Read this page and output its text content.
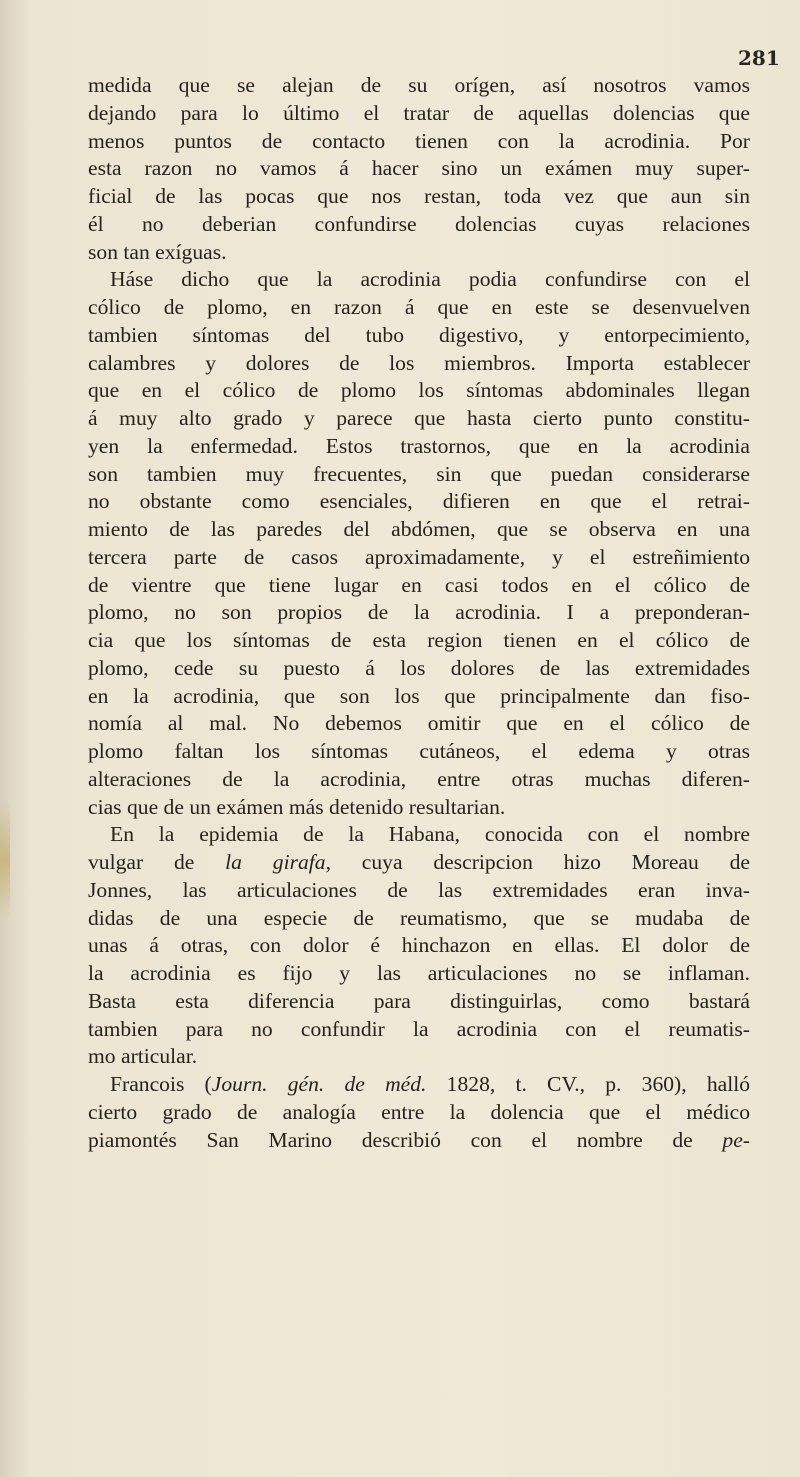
281
medida que se alejan de su orígen, así nosotros vamos
dejando para lo último el tratar de aquellas dolencias que
menos puntos de contacto tienen con la acrodinia. Por
esta razon no vamos á hacer sino un exámen muy super-
ficial de las pocas que nos restan, toda vez que aun sin
él no deberian confundirse dolencias cuyas relaciones
son tan exíguas.
Háse dicho que la acrodinia podia confundirse con el
cólico de plomo, en razon á que en este se desenvuelven
tambien síntomas del tubo digestivo, y entorpecimiento,
calambres y dolores de los miembros. Importa establecer
que en el cólico de plomo los síntomas abdominales llegan
á muy alto grado y parece que hasta cierto punto constitu-
yen la enfermedad. Estos trastornos, que en la acrodinia
son tambien muy frecuentes, sin que puedan considerarse
no obstante como esenciales, difieren en que el retrai-
miento de las paredes del abdómen, que se observa en una
tercera parte de casos aproximadamente, y el estreñimiento
de vientre que tiene lugar en casi todos en el cólico de
plomo, no son propios de la acrodinia. I a preponderan-
cia que los síntomas de esta region tienen en el cólico de
plomo, cede su puesto á los dolores de las extremidades
en la acrodinia, que son los que principalmente dan fiso-
nomía al mal. No debemos omitir que en el cólico de
plomo faltan los síntomas cutáneos, el edema y otras
alteraciones de la acrodinia, entre otras muchas diferen-
cias que de un exámen más detenido resultarian.
En la epidemia de la Habana, conocida con el nombre
vulgar de la girafa, cuya descripcion hizo Moreau de
Jonnes, las articulaciones de las extremidades eran inva-
didas de una especie de reumatismo, que se mudaba de
unas á otras, con dolor é hinchazon en ellas. El dolor de
la acrodinia es fijo y las articulaciones no se inflaman.
Basta esta diferencia para distinguirlas, como bastará
tambien para no confundir la acrodinia con el reumatis-
mo articular.
Francois (Journ. gén. de méd. 1828, t. CV., p. 360), halló
cierto grado de analogía entre la dolencia que el médico
piamontés San Marino describió con el nombre de pe-
